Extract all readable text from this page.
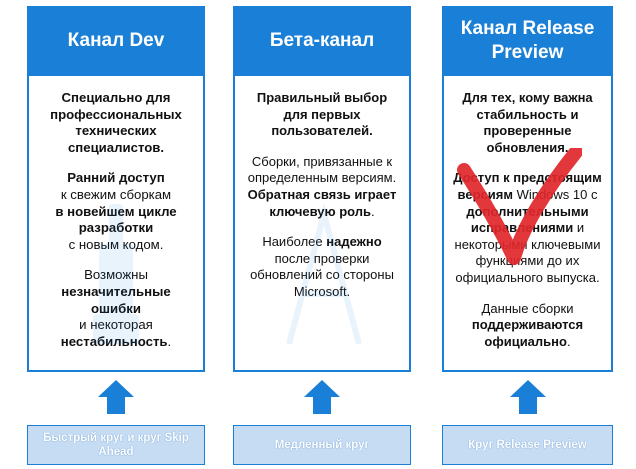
Канал Dev

Специально для профессиональных технических специалистов.

Ранний доступ
к свежим сборкам
в новейшем цикле разработки
с новым кодом.

Возможны
незначительные ошибки
и некоторая
нестабильность.

Бета-канал

Правильный выбор для первых пользователей.

Сборки, привязанные к определенным версиям. Обратная связь играет ключевую роль.

Наиболее надежно
после проверки обновлений со стороны Microsoft.

Канал Release Preview

Для тех, кому важна стабильность и проверенные обновления.

Доступ к предстоящим версиям Windows 10 с дополнительными исправлениями и некоторыми ключевыми функциями до их официального выпуска.

Данные сборки
поддерживаются официально.

Быстрый круг и круг Skip Ahead
Медленный круг	Круг Release Preview
